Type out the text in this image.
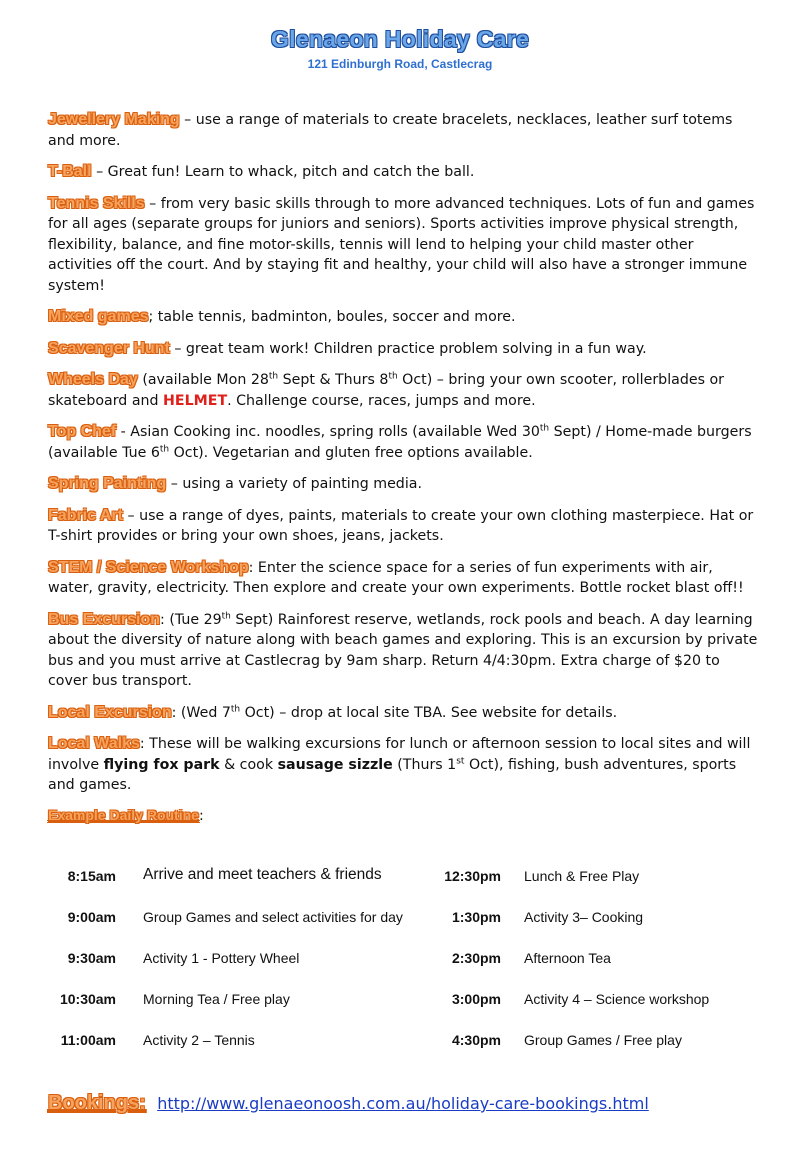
Glenaeon Holiday Care
121 Edinburgh Road, Castlecrag

Jewellery Making – use a range of materials to create bracelets, necklaces, leather surf totems and more.

T-Ball – Great fun! Learn to whack, pitch and catch the ball.

Tennis Skills – from very basic skills through to more advanced techniques. Lots of fun and games for all ages (separate groups for juniors and seniors). Sports activities improve physical strength, flexibility, balance, and fine motor-skills, tennis will lend to helping your child master other activities off the court. And by staying fit and healthy, your child will also have a stronger immune system!

Mixed games; table tennis, badminton, boules, soccer and more.

Scavenger Hunt – great team work! Children practice problem solving in a fun way.

Wheels Day (available Mon 28th Sept & Thurs 8th Oct) – bring your own scooter, rollerblades or skateboard and HELMET. Challenge course, races, jumps and more.

Top Chef - Asian Cooking inc. noodles, spring rolls (available Wed 30th Sept) / Home-made burgers (available Tue 6th Oct). Vegetarian and gluten free options available.

Spring Painting – using a variety of painting media.

Fabric Art – use a range of dyes, paints, materials to create your own clothing masterpiece. Hat or T-shirt provides or bring your own shoes, jeans, jackets.

STEM / Science Workshop: Enter the science space for a series of fun experiments with air, water, gravity, electricity. Then explore and create your own experiments. Bottle rocket blast off!!

Bus Excursion: (Tue 29th Sept) Rainforest reserve, wetlands, rock pools and beach. A day learning about the diversity of nature along with beach games and exploring. This is an excursion by private bus and you must arrive at Castlecrag by 9am sharp. Return 4/4:30pm. Extra charge of $20 to cover bus transport.

Local Excursion: (Wed 7th Oct) – drop at local site TBA. See website for details.

Local Walks: These will be walking excursions for lunch or afternoon session to local sites and will involve flying fox park & cook sausage sizzle (Thurs 1st Oct), fishing, bush adventures, sports and games.

Example Daily Routine:

8:15am Arrive and meet teachers & friends	12:30pm Lunch & Free Play
9:00am Group Games and select activities for day	1:30pm Activity 3– Cooking
9:30am Activity 1 - Pottery Wheel	2:30pm Afternoon Tea
10:30am Morning Tea / Free play	3:00pm Activity 4 – Science workshop
11:00am Activity 2 – Tennis	4:30pm Group Games / Free play
Bookings: http://www.glenaeonoosh.com.au/holiday-care-bookings.html
